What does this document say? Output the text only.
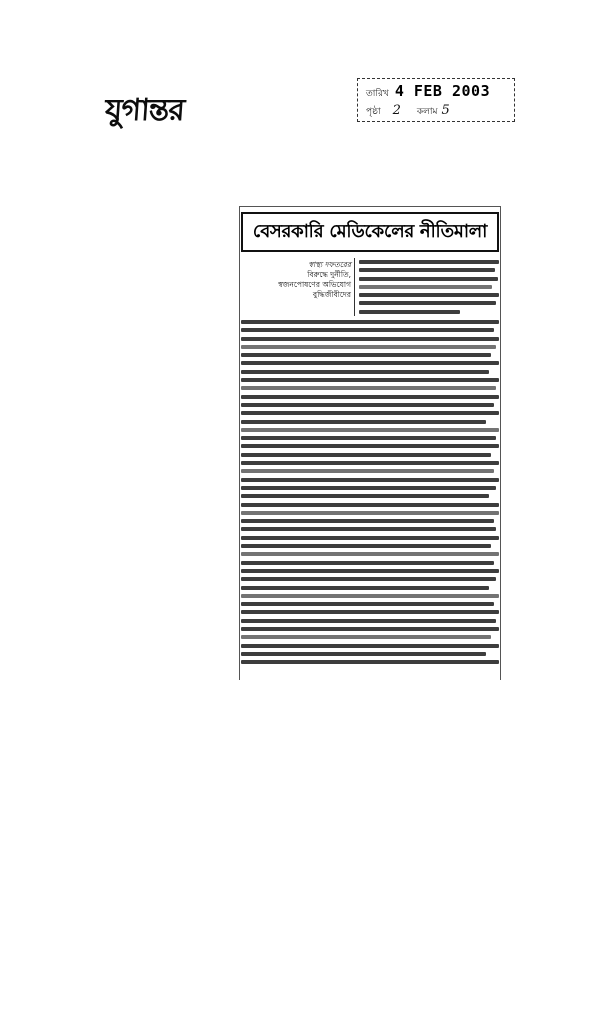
যুগান্তর	তারিখ 4 FEB 2003
পৃষ্ঠা 2 কলাম 5
বেসরকারি মেডিকেলের নীতিমালা
স্বাস্থ্য দফতরের
বিরুদ্ধে দুর্নীতি,
স্বজনপোষণের অভিযোগ
বুদ্ধিজীবীদের
